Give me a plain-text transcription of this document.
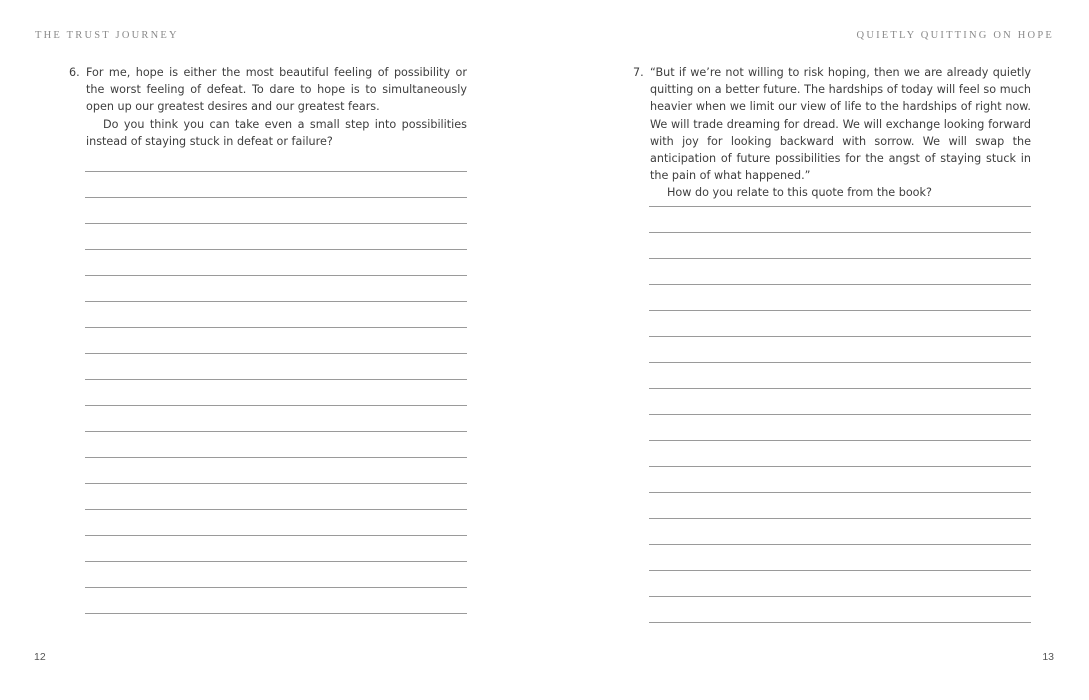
THE TRUST JOURNEY
6. For me, hope is either the most beautiful feeling of possibility or the worst feeling of defeat. To dare to hope is to simultaneously open up our greatest desires and our greatest fears.

Do you think you can take even a small step into possibilities instead of staying stuck in defeat or failure?

12
QUIETLY QUITTING ON HOPE
7. “But if we’re not willing to risk hoping, then we are already quietly quitting on a better future. The hardships of today will feel so much heavier when we limit our view of life to the hardships of right now. We will trade dreaming for dread. We will exchange looking forward with joy for looking backward with sorrow. We will swap the anticipation of future possibilities for the angst of staying stuck in the pain of what happened.”

How do you relate to this quote from the book?

13
